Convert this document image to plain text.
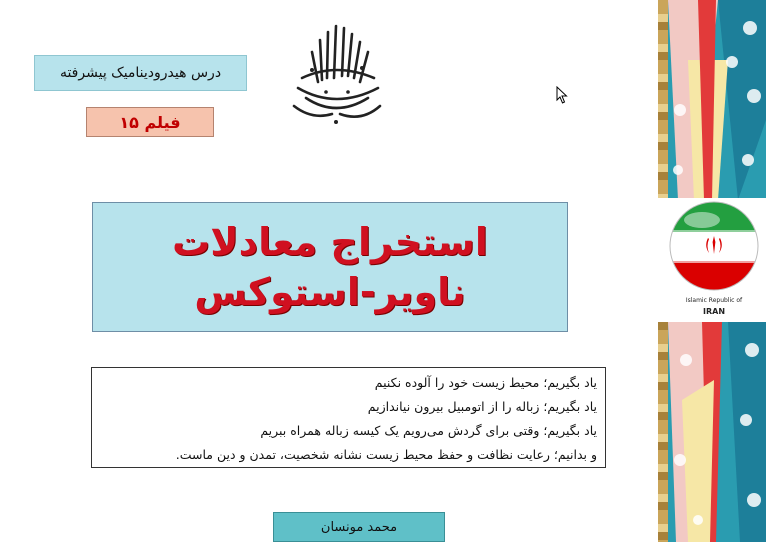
درس هیدرودینامیک پیشرفته
فیلم ۱۵
استخراج معادلات
ناویر-استوکس
یاد بگیریم؛ محیط زیست خود را آلوده نکنیم
یاد بگیریم؛ زباله را از اتومبیل بیرون نیاندازیم
یاد بگیریم؛ وقتی برای گردش می‌رویم یک کیسه زباله همراه ببریم
و بدانیم؛ رعایت نظافت و حفظ محیط زیست نشانه شخصیت، تمدن و دین ماست.
محمد مونسان
Islamic Republic of
IRAN
